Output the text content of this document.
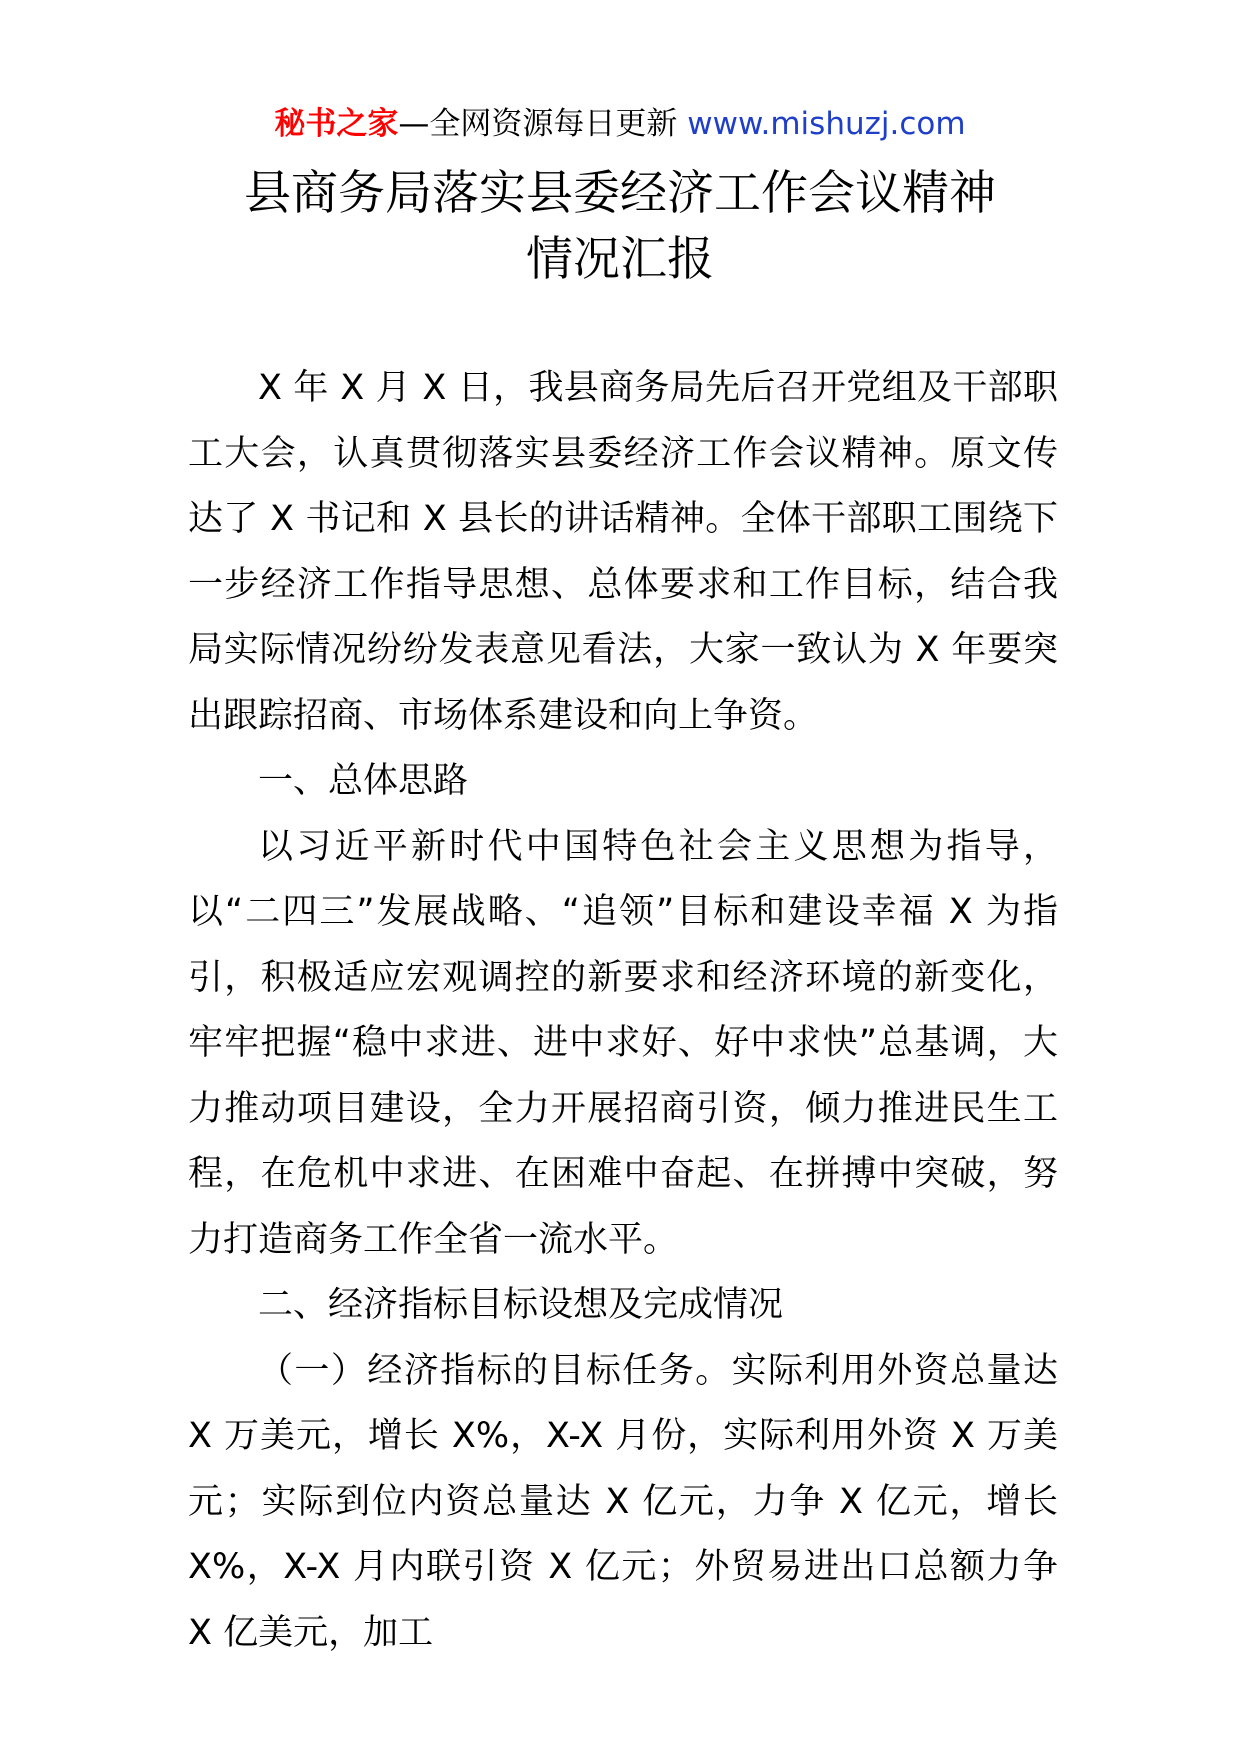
秘书之家—全网资源每日更新 www.mishuzj.com
县商务局落实县委经济工作会议精神
情况汇报

X 年 X 月 X 日，我县商务局先后召开党组及干部职工大会，认真贯彻落实县委经济工作会议精神。原文传达了 X 书记和 X 县长的讲话精神。全体干部职工围绕下一步经济工作指导思想、总体要求和工作目标，结合我局实际情况纷纷发表意见看法，大家一致认为 X 年要突出跟踪招商、市场体系建设和向上争资。

一、总体思路

以习近平新时代中国特色社会主义思想为指导，以“二四三”发展战略、“追领”目标和建设幸福 X 为指引，积极适应宏观调控的新要求和经济环境的新变化，牢牢把握“稳中求进、进中求好、好中求快”总基调，大力推动项目建设，全力开展招商引资，倾力推进民生工程，在危机中求进、在困难中奋起、在拼搏中突破，努力打造商务工作全省一流水平。

二、经济指标目标设想及完成情况

（一）经济指标的目标任务。实际利用外资总量达 X 万美元，增长 X%，X-X 月份，实际利用外资 X 万美元；实际到位内资总量达 X 亿元，力争 X 亿元，增长 X%，X-X 月内联引资 X 亿元；外贸易进出口总额力争 X 亿美元，加工
